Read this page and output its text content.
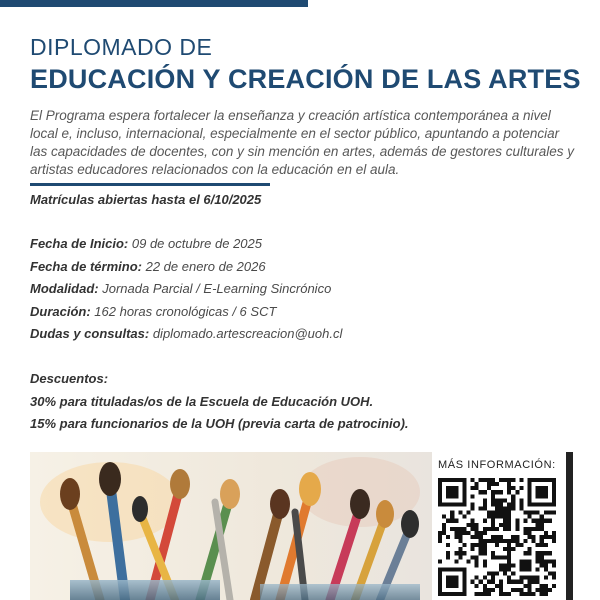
DIPLOMADO DE
EDUCACIÓN Y CREACIÓN DE LAS ARTES

El Programa espera fortalecer la enseñanza y creación artística contemporánea a nivel local e, incluso, internacional, especialmente en el sector público, apuntando a potenciar las capacidades de docentes, con y sin mención en artes, además de gestores culturales y artistas educadores relacionados con la educación en el aula.

Matrículas abiertas hasta el 6/10/2025
Fecha de Inicio: 09 de octubre de 2025
Fecha de término: 22 de enero de 2026
Modalidad: Jornada Parcial / E-Learning Sincrónico
Duración: 162 horas cronológicas / 6 SCT
Dudas y consultas: diplomado.artescreacion@uoh.cl
Descuentos:
30% para tituladas/os de la Escuela de Educación UOH.
15% para funcionarios de la UOH (previa carta de patrocinio).
MÁS INFORMACIÓN:
